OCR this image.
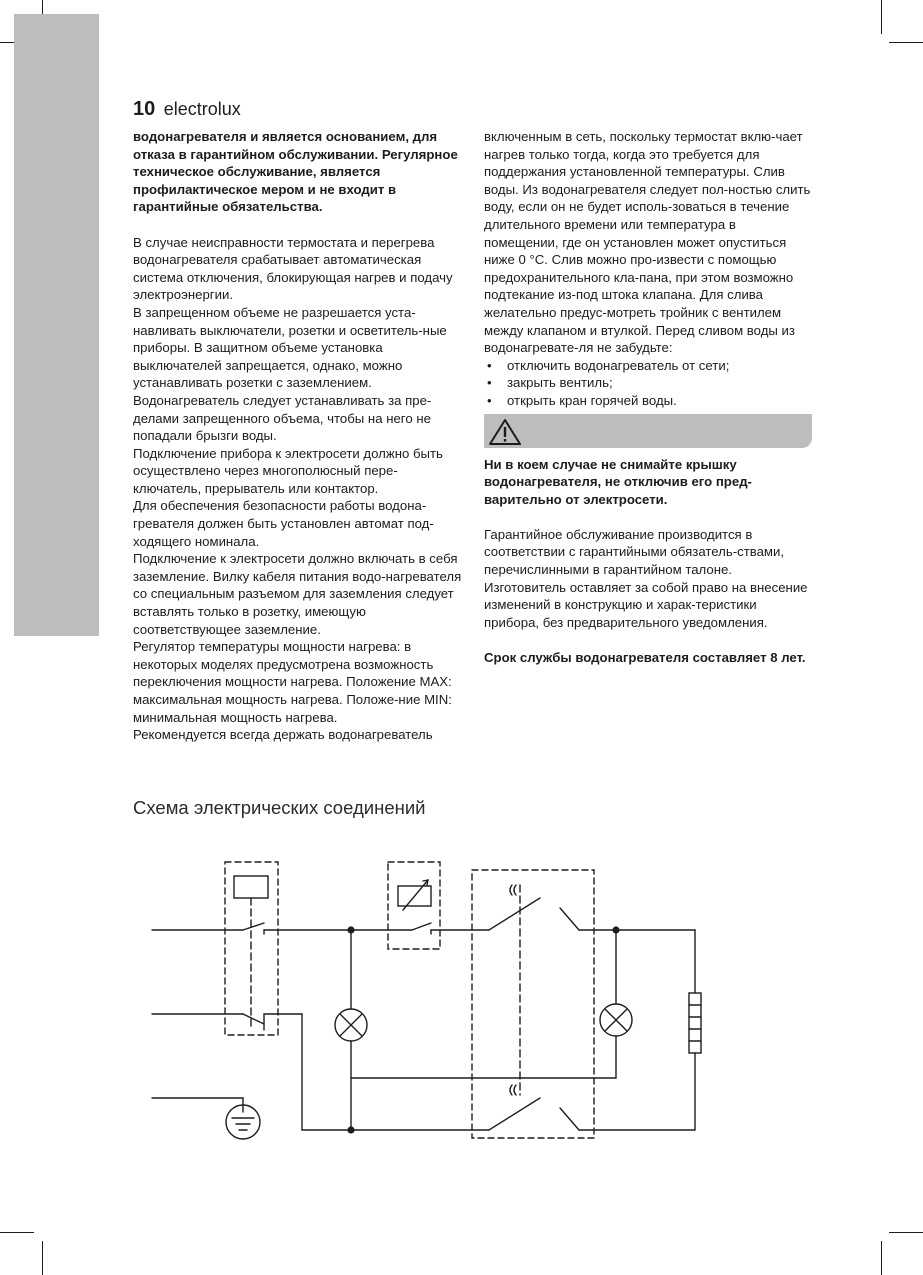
10 electrolux

водонагревателя и является основанием, для отказа в гарантийном обслуживании. Регулярное техническое обслуживание, является профилактическое мером и не входит в гарантийные обязательства.

В случае неисправности термостата и перегрева водонагревателя срабатывает автоматическая система отключения, блокирующая нагрев и подачу электроэнергии.

В запрещенном объеме не разрешается уста-навливать выключатели, розетки и осветитель-ные приборы. В защитном объеме установка выключателей запрещается, однако, можно устанавливать розетки с заземлением.

Водонагреватель следует устанавливать за пре-делами запрещенного объема, чтобы на него не попадали брызги воды.

Подключение прибора к электросети должно быть осуществлено через многополюсный пере-ключатель, прерыватель или контактор.

Для обеспечения безопасности работы водона-гревателя должен быть установлен автомат под-ходящего номинала.

Подключение к электросети должно включать в себя заземление. Вилку кабеля питания водо-нагревателя со специальным разъемом для заземления следует вставлять только в розетку, имеющую соответствующее заземление.

Регулятор температуры мощности нагрева: в некоторых моделях предусмотрена возможность переключения мощности нагрева. Положение MAX: максимальная мощность нагрева. Положе-ние MIN: минимальная мощность нагрева.

Рекомендуется всегда держать водонагреватель

включенным в сеть, поскольку термостат вклю-чает нагрев только тогда, когда это требуется для поддержания установленной температуры. Слив воды. Из водонагревателя следует пол-ностью слить воду, если он не будет исполь-зоваться в течение длительного времени или температура в помещении, где он установлен может опуститься ниже 0 °С. Слив можно про-извести с помощью предохранительного кла-пана, при этом возможно подтекание из-под штока клапана. Для слива желательно предус-мотреть тройник с вентилем между клапаном и втулкой. Перед сливом воды из водонагревате-ля не забудьте:

• отключить водонагреватель от сети;
• закрыть вентиль;
• открыть кран горячей воды.

Ни в коем случае не снимайте крышку водонагревателя, не отключив его пред-варительно от электросети.

Гарантийное обслуживание производится в соответствии с гарантийными обязатель-ствами, перечислинными в гарантийном талоне.

Изготовитель оставляет за собой право на внесение изменений в конструкцию и харак-теристики прибора, без предварительного уведомления.

Срок службы водонагревателя составляет 8 лет.

Схема электрических соединений
